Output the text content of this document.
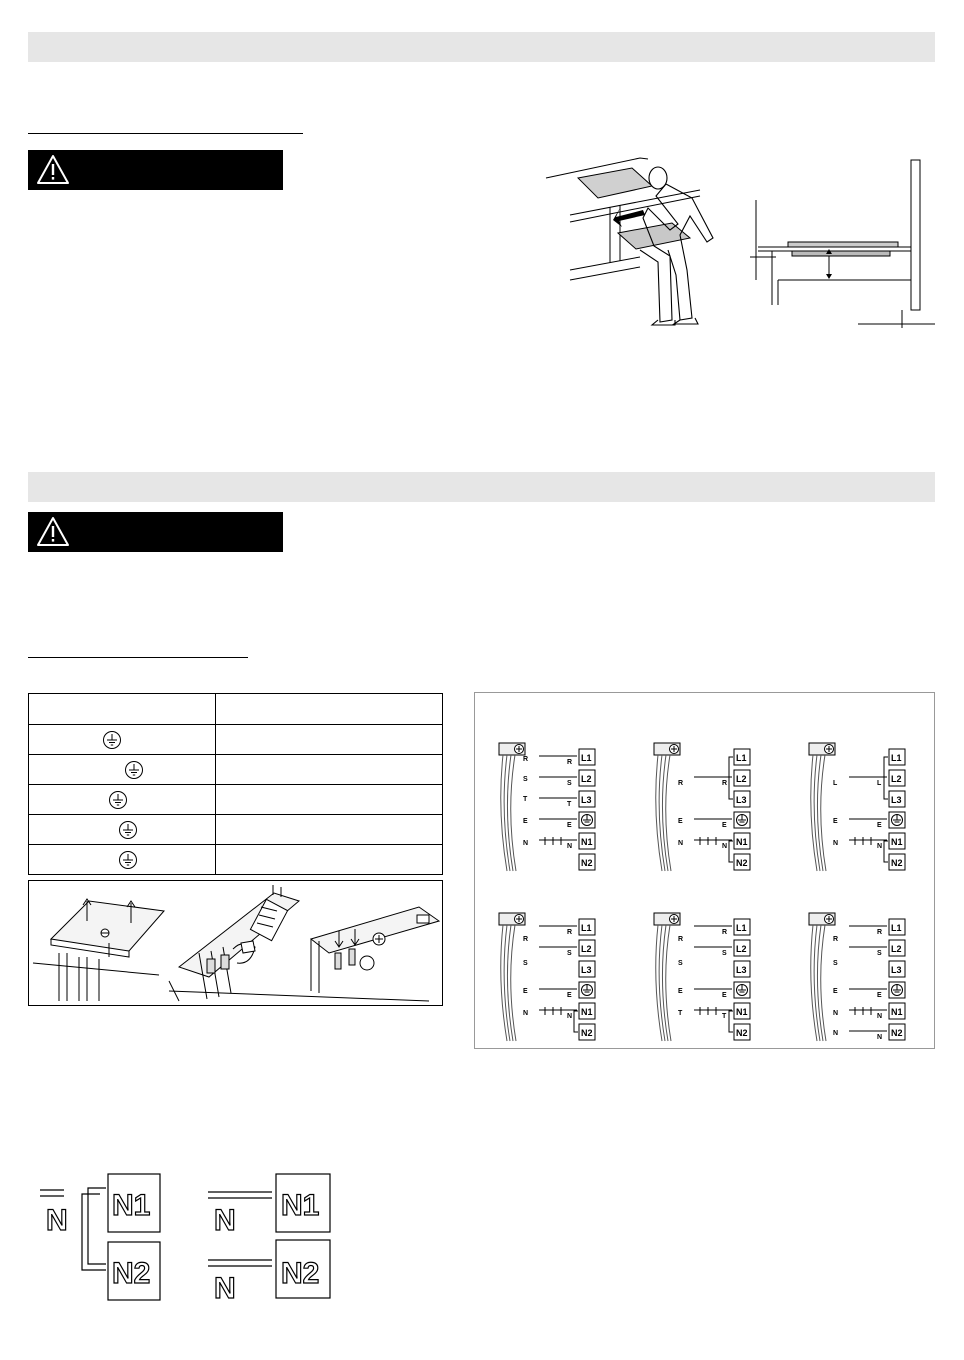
R
S
T
E
N
L1
L2
L3
N1
N2
R
S
T
E
N
R
E
N
L1
L2
L3
N1
N2
R
E
N
L
E
N
L1
L2
L3
N1
N2
L
E
N
R
S
E
N
L1
L2
L3
N1
N2
R
S
E
N
R
S
E
T
L1
L2
L3
N1
N2
R
S
E
T
R
S
E
N
N
L1
L2
L3
N1
N2
R
S
E
N
N
N N1
N2
N
N
N1
N2
